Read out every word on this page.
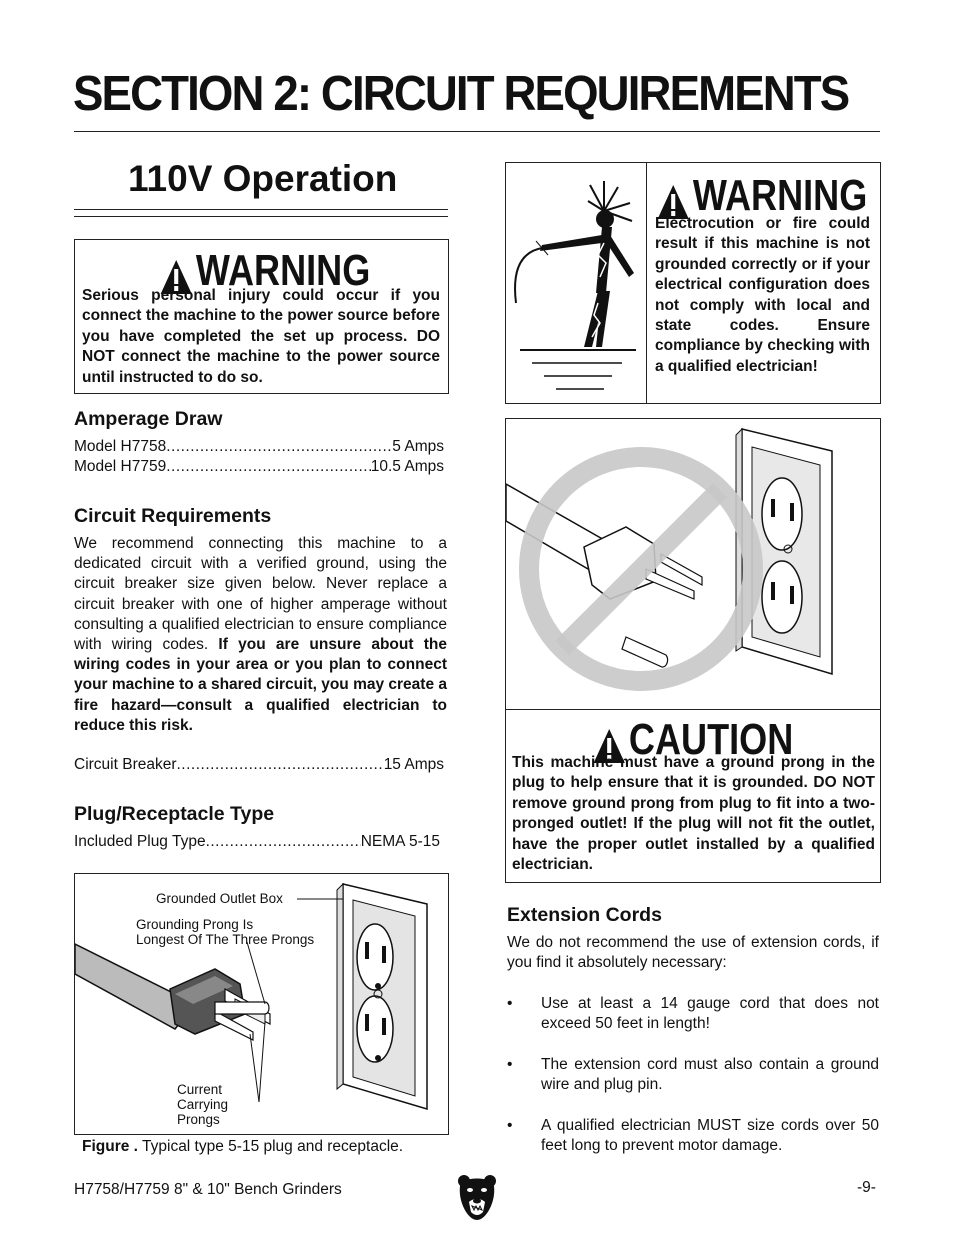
SECTION 2: CIRCUIT REQUIREMENTS
110V Operation
WARNING
Serious personal injury could occur if you connect the machine to the power source before you have completed the set up process. DO NOT connect the machine to the power source until instructed to do so.
Amperage Draw
Model H7758 .....	5 Amps
Model H7759 .....	10.5 Amps
Circuit Requirements
We recommend connecting this machine to a dedicated circuit with a verified ground, using the circuit breaker size given below. Never replace a circuit breaker with one of higher amperage without consulting a qualified electrician to ensure compliance with wiring codes. If you are unsure about the wiring codes in your area or you plan to connect your machine to a shared circuit, you may create a fire hazard—consult a qualified electrician to reduce this risk.
Circuit Breaker .....	15 Amps
Plug/Receptacle Type
Included Plug Type .....	NEMA 5-15
Grounded Outlet Box
Grounding Prong Is
Longest Of The Three Prongs
Current
Carrying
Prongs
Figure . Typical type 5-15 plug and receptacle.
WARNING
Electrocution or fire could result if this machine is not grounded correctly or if your electrical configuration does not comply with local and state codes. Ensure compliance by checking with a qualified electrician!
CAUTION
This machine must have a ground prong in the plug to help ensure that it is grounded. DO NOT remove ground prong from plug to fit into a two-pronged outlet! If the plug will not fit the outlet, have the proper outlet installed by a qualified electrician.
Extension Cords
We do not recommend the use of extension cords, if you find it absolutely necessary:
•	Use at least a 14 gauge cord that does not exceed 50 feet in length!
•	The extension cord must also contain a ground wire and plug pin.
•	A qualified electrician MUST size cords over 50 feet long to prevent motor damage.
H7758/H7759 8" & 10" Bench Grinders	-9-
